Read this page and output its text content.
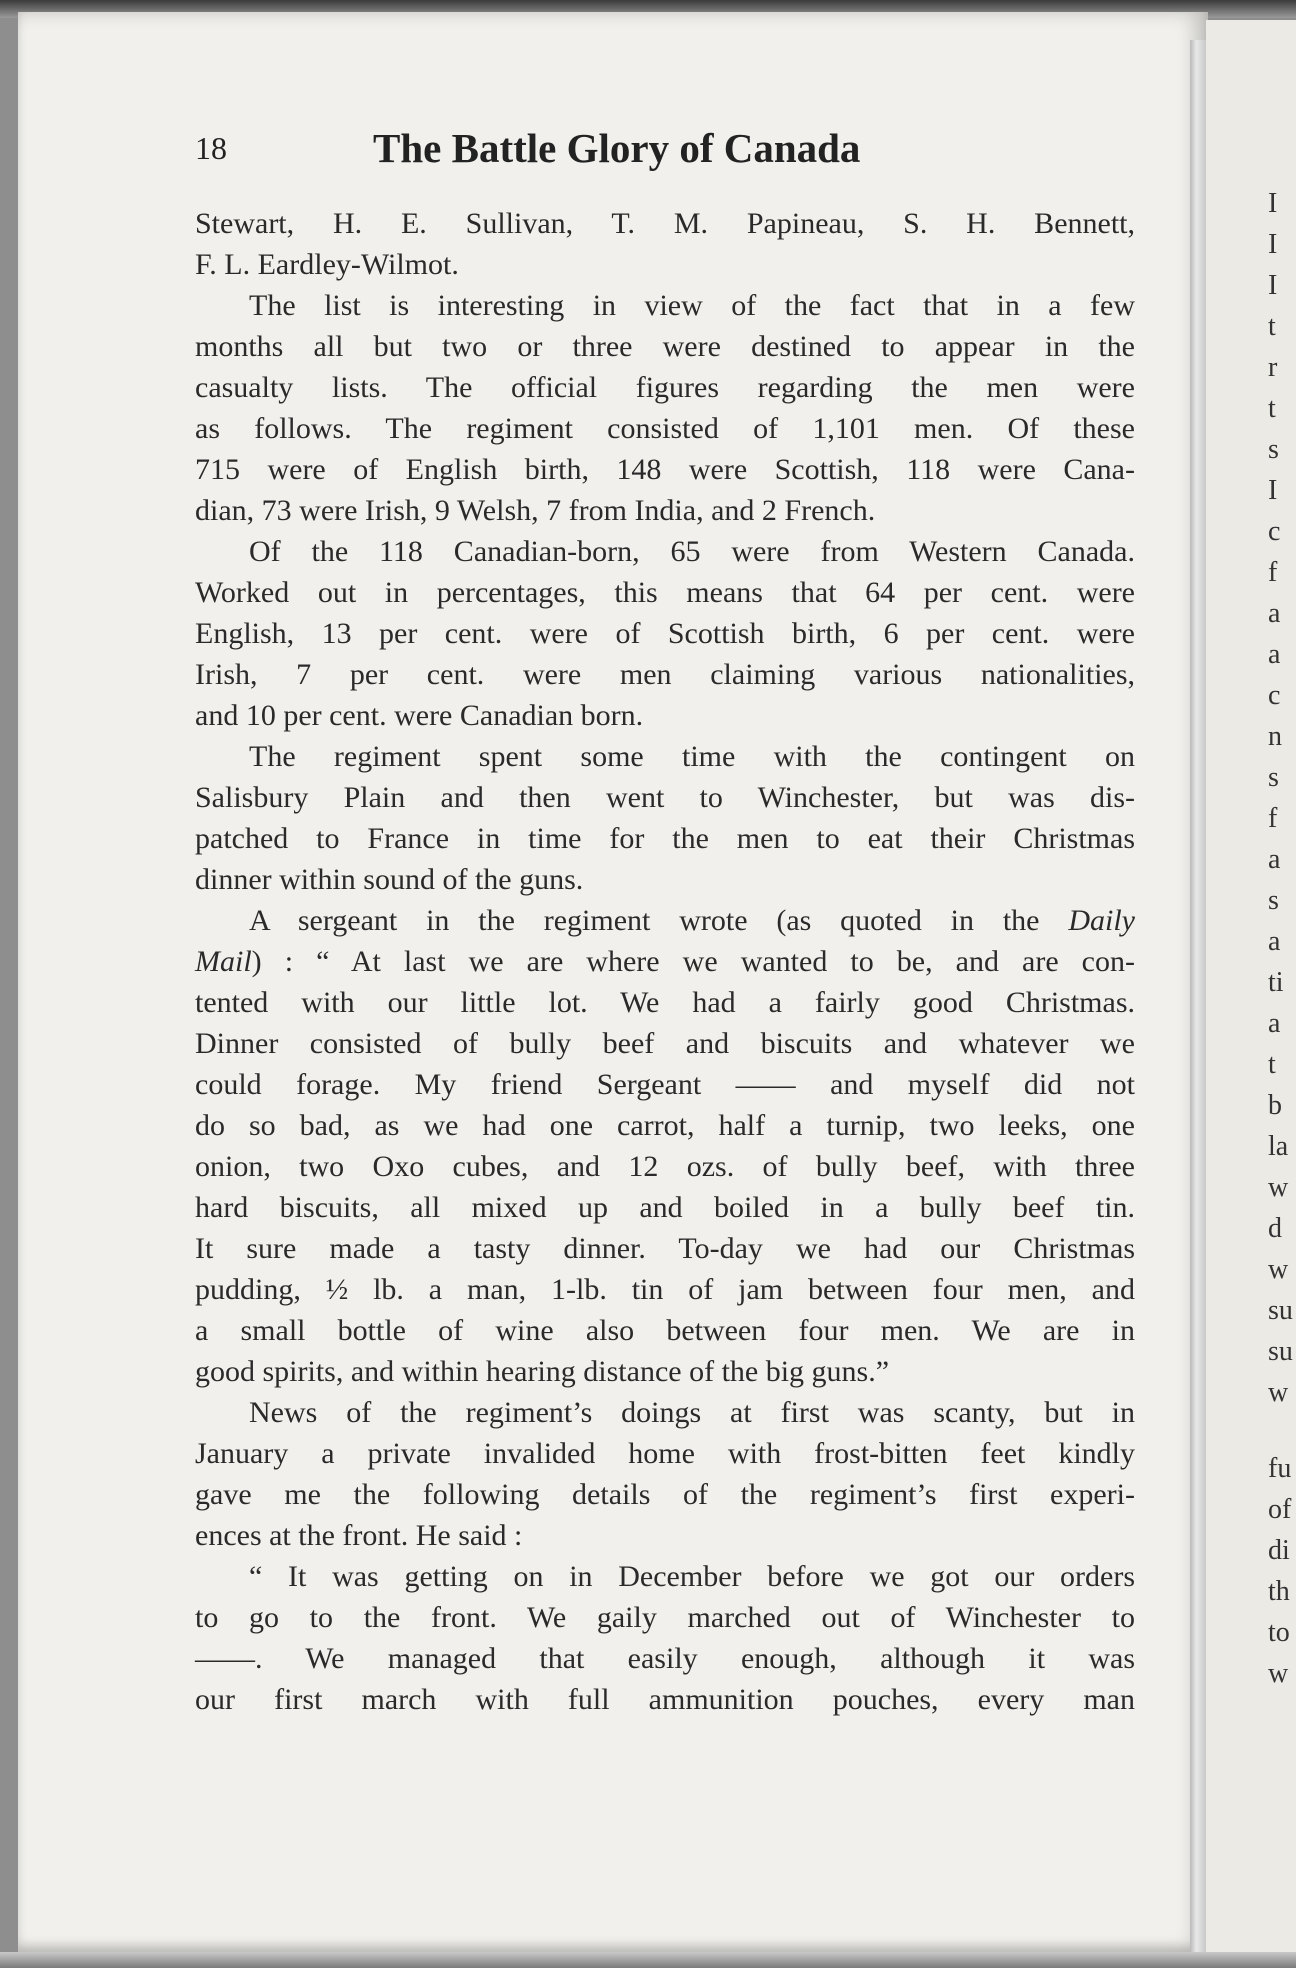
I
I
I
t
r
t
s
I
c
f
a
a
c
n
s
f
a
s
a
ti
a
t
b
la
w
d
w
su
su
w
fu
of
di
th
to
w
18	The Battle Glory of Canada
Stewart, H. E. Sullivan, T. M. Papineau, S. H. Bennett,
F. L. Eardley-Wilmot.
The list is interesting in view of the fact that in a few
months all but two or three were destined to appear in the
casualty lists. The official figures regarding the men were
as follows. The regiment consisted of 1,101 men. Of these
715 were of English birth, 148 were Scottish, 118 were Cana-
dian, 73 were Irish, 9 Welsh, 7 from India, and 2 French.
Of the 118 Canadian-born, 65 were from Western Canada.
Worked out in percentages, this means that 64 per cent. were
English, 13 per cent. were of Scottish birth, 6 per cent. were
Irish, 7 per cent. were men claiming various nationalities,
and 10 per cent. were Canadian born.
The regiment spent some time with the contingent on
Salisbury Plain and then went to Winchester, but was dis-
patched to France in time for the men to eat their Christmas
dinner within sound of the guns.
A sergeant in the regiment wrote (as quoted in the Daily
Mail) : “ At last we are where we wanted to be, and are con-
tented with our little lot. We had a fairly good Christmas.
Dinner consisted of bully beef and biscuits and whatever we
could forage. My friend Sergeant —— and myself did not
do so bad, as we had one carrot, half a turnip, two leeks, one
onion, two Oxo cubes, and 12 ozs. of bully beef, with three
hard biscuits, all mixed up and boiled in a bully beef tin.
It sure made a tasty dinner. To-day we had our Christmas
pudding, ½ lb. a man, 1-lb. tin of jam between four men, and
a small bottle of wine also between four men. We are in
good spirits, and within hearing distance of the big guns.”
News of the regiment’s doings at first was scanty, but in
January a private invalided home with frost-bitten feet kindly
gave me the following details of the regiment’s first experi-
ences at the front. He said :
“ It was getting on in December before we got our orders
to go to the front. We gaily marched out of Winchester to
——. We managed that easily enough, although it was
our first march with full ammunition pouches, every man
